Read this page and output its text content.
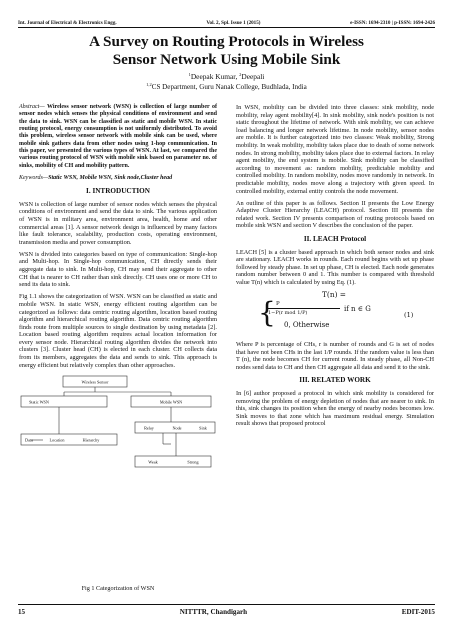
Int. Journal of Electrical & Electronics Engg.	Vol. 2, Spl. Issue 1 (2015)	e-ISSN: 1694-2310 | p-ISSN: 1694-2426
A Survey on Routing Protocols in Wireless
Sensor Network Using Mobile Sink
$^1$Deepak Kumar, $^2$Deepali
$^{1,2}$CS Department, Guru Nanak College, Budhlada, India

Abstract— Wireless sensor network (WSN) is collection of large number of sensor nodes which senses the physical conditions of environment and send the data to sink. WSN can be classified as static and mobile WSN. In static routing protocol, energy consumption is not uniformly distributed. To avoid this problem, wireless sensor network with mobile sink can be used, where mobile sink gathers data from other nodes using 1-hop communication. In this paper, we presented the various types of WSN. At last, we compared the various routing protocol of WSN with mobile sink based on parameter no. of sinks, mobility of CH and mobility pattern.

Keywords—Static WSN, Mobile WSN, Sink node,Cluster head

I. INTRODUCTION

WSN is collection of large number of sensor nodes which senses the physical conditions of environment and send the data to sink. The various application of WSN is in military area, environment area, health, home and other commercial areas [1]. A sensor network design is influenced by many factors like fault tolerance, scalability, production costs, operating environment, transmission media and power consumption.

WSN is divided into categories based on type of communication: Single-hop and Multi-hop. In Single-hop communication, CH directly sends their aggregate data to sink. In Multi-hop, CH may send their aggregate to other CH that is nearer to CH rather than sink directly. CH uses one or more CH to send its data to sink.

Fig 1.1 shows the categorization of WSN. WSN can be classified as static and mobile WSN. In static WSN, energy efficient routing algorithm can be categorized as follows: data centric routing algorithm, location based routing algorithm and hierarchical routing algorithm. Data centric routing algorithm finds route from multiple sources to single destination by using metadata [2]. Location based routing algorithm requires actual location information for every sensor node. Hierarchical routing algorithm divides the network into clusters [3]. Cluster head (CH) is elected in each cluster. CH collects data from its members, aggregates the data and sends to sink. This approach is energy efficient but relatively complex than other approaches.

Wireless Sensor
Static WSN	Mobile WSN
Data	Location	Hierarchy
Relay	Node	Sink
Weak	Strong
Fig 1 Categorization of WSN

In WSN, mobility can be divided into three classes: sink mobility, node mobility, relay agent mobility[4]. In sink mobility, sink node's position is not static throughout the lifetime of network. With sink mobility, we can achieve load balancing and longer network lifetime. In node mobility, sensor nodes are mobile. It is further categorized into two classes: Weak mobility, Strong mobility. In weak mobility, mobility takes place due to death of some network nodes. In strong mobility, mobility takes place due to external factors. In relay agent mobility, the end system is mobile. Sink mobility can be classified according to movement as: random mobility, predictable mobility and controlled mobility. In random mobility, nodes move randomly in network. In predictable mobility, nodes move along a trajectory with given speed. In controlled mobility, external entity controls the node movement.

An outline of this paper is as follows. Section II presents the Low Energy Adaptive Cluster Hierarchy (LEACH) protocol. Section III presents the related work. Section IV presents comparison of routing protocols based on mobile sink WSN and section V describes the conclusion of the paper.

II. LEACH Protocol

LEACH [5] is a cluster based approach in which both sensor nodes and sink are stationary. LEACH works in rounds. Each round begins with set up phase followed by steady phase. In set up phase, CH is elected. Each node generates random number between 0 and 1. This number is compared with threshold value T(n) which is calculated by using Eq. (1).

T(n) =
{ P
1−P(r mod 1/P)	if n ∈ G
(1)
0, Otherwise

Where P is percentage of CHs, r is number of rounds and G is set of nodes that have not been CHs in the last 1/P rounds. If the random value is less than T (n), the node becomes CH for current round. In steady phase, all Non-CH nodes send data to CH and then CH aggregate all data and send it to the sink.

III. RELATED WORK

In [6] author proposed a protocol in which sink mobility is considered for removing the problem of energy depletion of nodes that are nearer to sink. In this, sink changes its position when the energy of nearby nodes becomes low. Sink moves to that zone which has maximum residual energy. Simulation result shows that proposed protocol

15	NITTTR, Chandigarh	EDIT-2015
